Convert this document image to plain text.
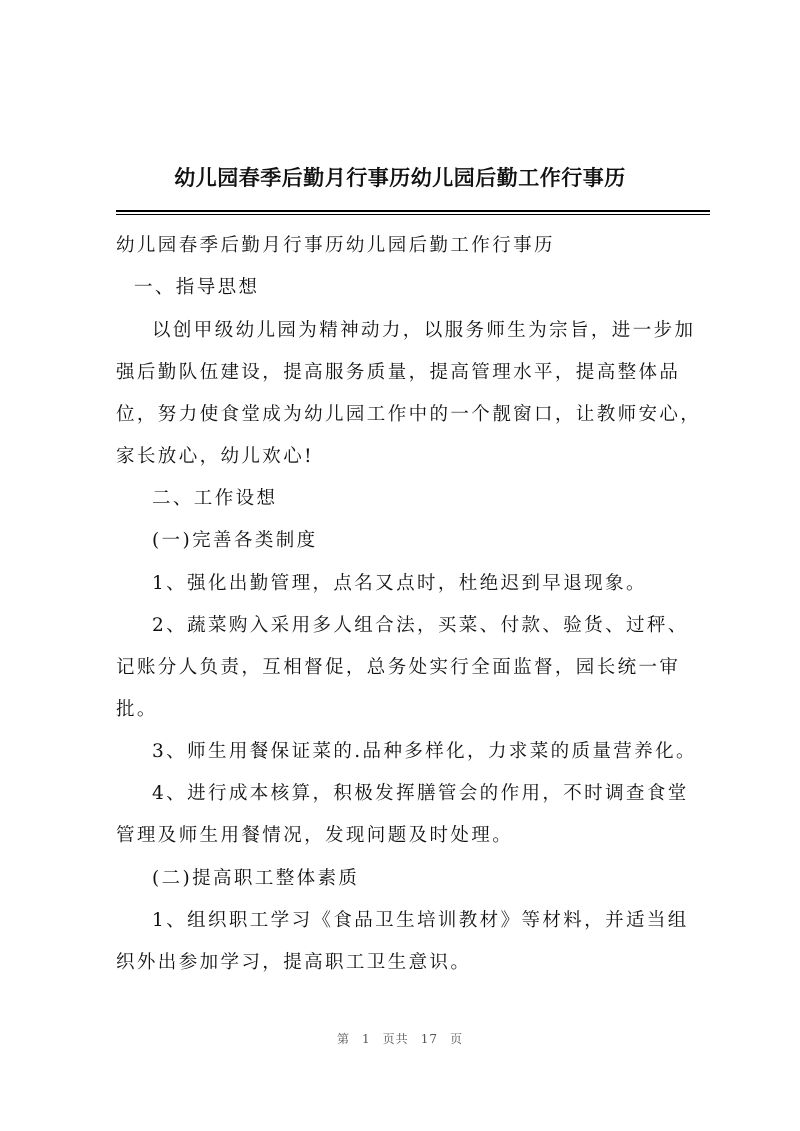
幼儿园春季后勤月行事历幼儿园后勤工作行事历
幼儿园春季后勤月行事历幼儿园后勤工作行事历
一、指导思想
以创甲级幼儿园为精神动力，以服务师生为宗旨，进一步加
强后勤队伍建设，提高服务质量，提高管理水平，提高整体品
位，努力使食堂成为幼儿园工作中的一个靓窗口，让教师安心，
家长放心，幼儿欢心!
二、工作设想
(一)完善各类制度
1、强化出勤管理，点名又点时，杜绝迟到早退现象。
2、蔬菜购入采用多人组合法，买菜、付款、验货、过秤、
记账分人负责，互相督促，总务处实行全面监督，园长统一审
批。
3、师生用餐保证菜的.品种多样化，力求菜的质量营养化。
4、进行成本核算，积极发挥膳管会的作用，不时调查食堂
管理及师生用餐情况，发现问题及时处理。
(二)提高职工整体素质
1、组织职工学习《食品卫生培训教材》等材料，并适当组
织外出参加学习，提高职工卫生意识。
第 1 页共 17 页
